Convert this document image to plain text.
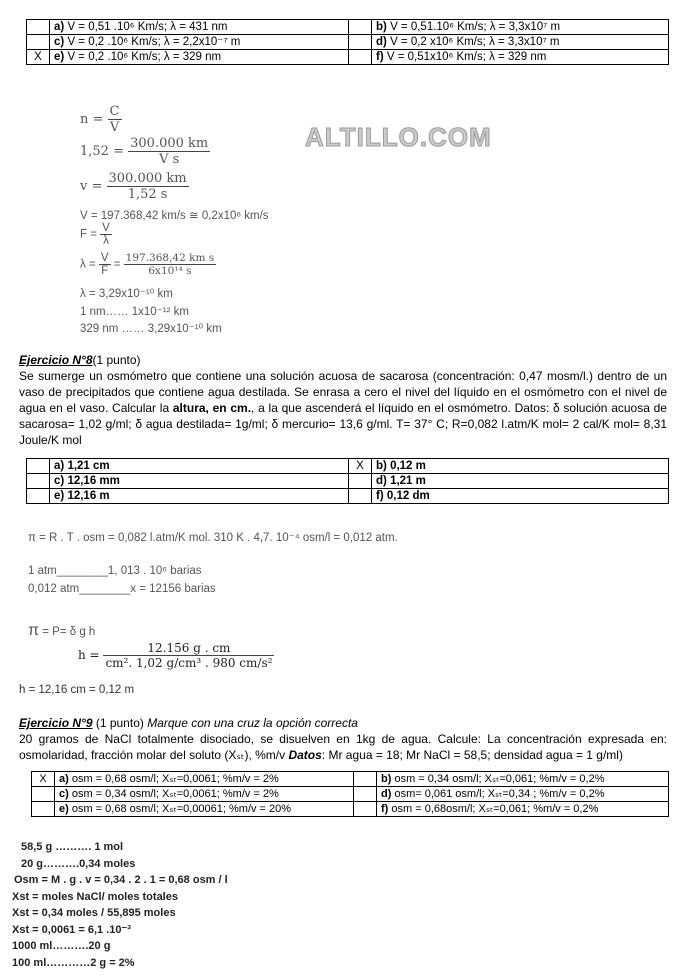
	a) V = 0,51 .10⁶ Km/s; λ = 431 nm		b) V = 0,51.10⁶ Km/s; λ = 3,3x10⁷ m
	c) V = 0,2 .10⁶ Km/s; λ = 2,2x10⁻⁷ m		d) V = 0,2 x10⁶ Km/s; λ = 3,3x10⁷ m
X	e) V = 0,2 .10⁶ Km/s; λ = 329 nm		f) V = 0,51x10⁶ Km/s; λ = 329 nm
$n = \frac{C}{V}$
$1,52 = \frac{300.000 km}{\text{V s}}$
$v = \frac{300.000 km}{1,52 s}$
V = 197.368,42 km/s ≅ 0,2x10⁶ km/s
$F = \frac{V}{\lambda}$
$\lambda = \frac{V}{F} = \frac{\text{197.368,42 km s}}{\text{6x10¹⁴ s}}$
λ = 3,29x10⁻¹⁰ km
1 nm…… 1x10⁻¹² km
329 nm …… 3,29x10⁻¹⁰ km
ALTILLO.COM
Ejercicio N°8(1 punto)
Se sumerge un osmómetro que contiene una solución acuosa de sacarosa (concentración: 0,47 mosm/l.) dentro de un vaso de precipitados que contiene agua destilada. Se enrasa a cero el nivel del líquido en el osmómetro con el nivel de agua en el vaso. Calcular la altura, en cm., a la que ascenderá el líquido en el osmómetro. Datos: δ solución acuosa de sacarosa= 1,02 g/ml; δ agua destilada= 1g/ml; δ mercurio= 13,6 g/ml. T= 37° C; R=0,082 l.atm/K mol= 2 cal/K mol= 8,31 Joule/K mol
	a) 1,21 cm	X	b) 0,12 m
	c) 12,16 mm		d) 1,21 m
	e) 12,16 m		f) 0,12 dm
π = R . T . osm = 0,082 l.atm/K mol. 310 K . 4,7. 10⁻⁴ osm/l = 0,012 atm.
1 atm________1, 013 . 10⁶ barias
0,012 atm________x = 12156 barias
π = P= δ g h
$h = \frac{12.156 g . cm}{\text{cm². 1,02 g/cm³ . 980 cm/s²}}$
h = 12,16 cm = 0,12 m
Ejercicio N°9 (1 punto) Marque con una cruz la opción correcta
20 gramos de NaCl totalmente disociado, se disuelven en 1kg de agua. Calcule: La concentración expresada en: osmolaridad, fracción molar del soluto (Xₛₜ), %m/v Datos: Mr agua = 18; Mr NaCl = 58,5; densidad agua = 1 g/ml)
X	a) osm = 0,68 osm/l; Xₛₜ=0,0061; %m/v = 2%		b) osm = 0,34 osm/l; Xₛₜ=0,061; %m/v = 0,2%
	c) osm = 0,34 osm/l; Xₛₜ=0,0061; %m/v = 2%		d) osm= 0,061 osm/l; Xₛₜ=0,34 ; %m/v = 0,2%
	e) osm = 0,68 osm/l; Xₛₜ=0,00061; %m/v = 20%		f) osm = 0,68osm/l; Xₛₜ=0,061; %m/v = 0,2%
58,5 g ………. 1 mol
20 g……….0,34 moles
Osm = M . g . v = 0,34 . 2 . 1 = 0,68 osm / l
Xst = moles NaCl/ moles totales
Xst = 0,34 moles / 55,895 moles
Xst = 0,0061 = 6,1 .10⁻³
1000 ml……….20 g
100 ml…………2 g = 2%
